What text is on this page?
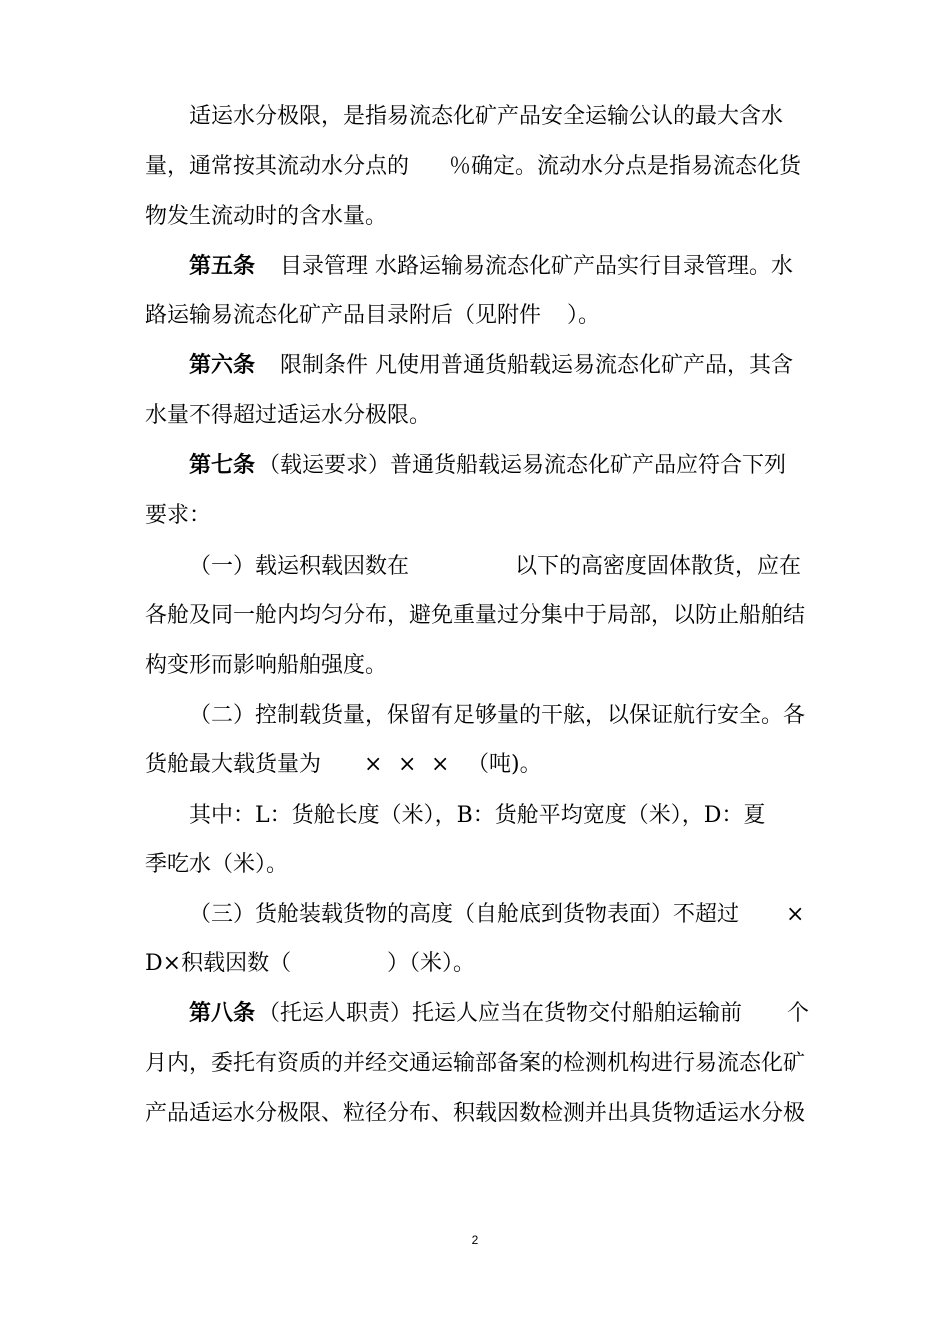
适运水分极限，是指易流态化矿产品安全运输公认的最大含水
量，通常按其流动水分点的 ％确定。流动水分点是指易流态化货
物发生流动时的含水量。
第五条 目录管理 水路运输易流态化矿产品实行目录管理。水
路运输易流态化矿产品目录附后（见附件 ）。
第六条 限制条件 凡使用普通货船载运易流态化矿产品，其含
水量不得超过适运水分极限。
第七条 （载运要求）普通货船载运易流态化矿产品应符合下列
要求：
（一）载运积载因数在	以下的高密度固体散货，应在
各舱及同一舱内均匀分布，避免重量过分集中于局部，以防止船舶结
构变形而影响船舶强度。
（二）控制载货量，保留有足够量的干舷，以保证航行安全。各
货舱最大载货量为 × × × （吨)。
其中：L：货舱长度（米），B：货舱平均宽度（米），D：夏
季吃水（米）。
（三）货舱装载货物的高度（自舱底到货物表面）不超过 ×
D×积载因数（	）（米）。
第八条 （托运人职责）托运人应当在货物交付船舶运输前 个
月内，委托有资质的并经交通运输部备案的检测机构进行易流态化矿
产品适运水分极限、粒径分布、积载因数检测并出具货物适运水分极
2
